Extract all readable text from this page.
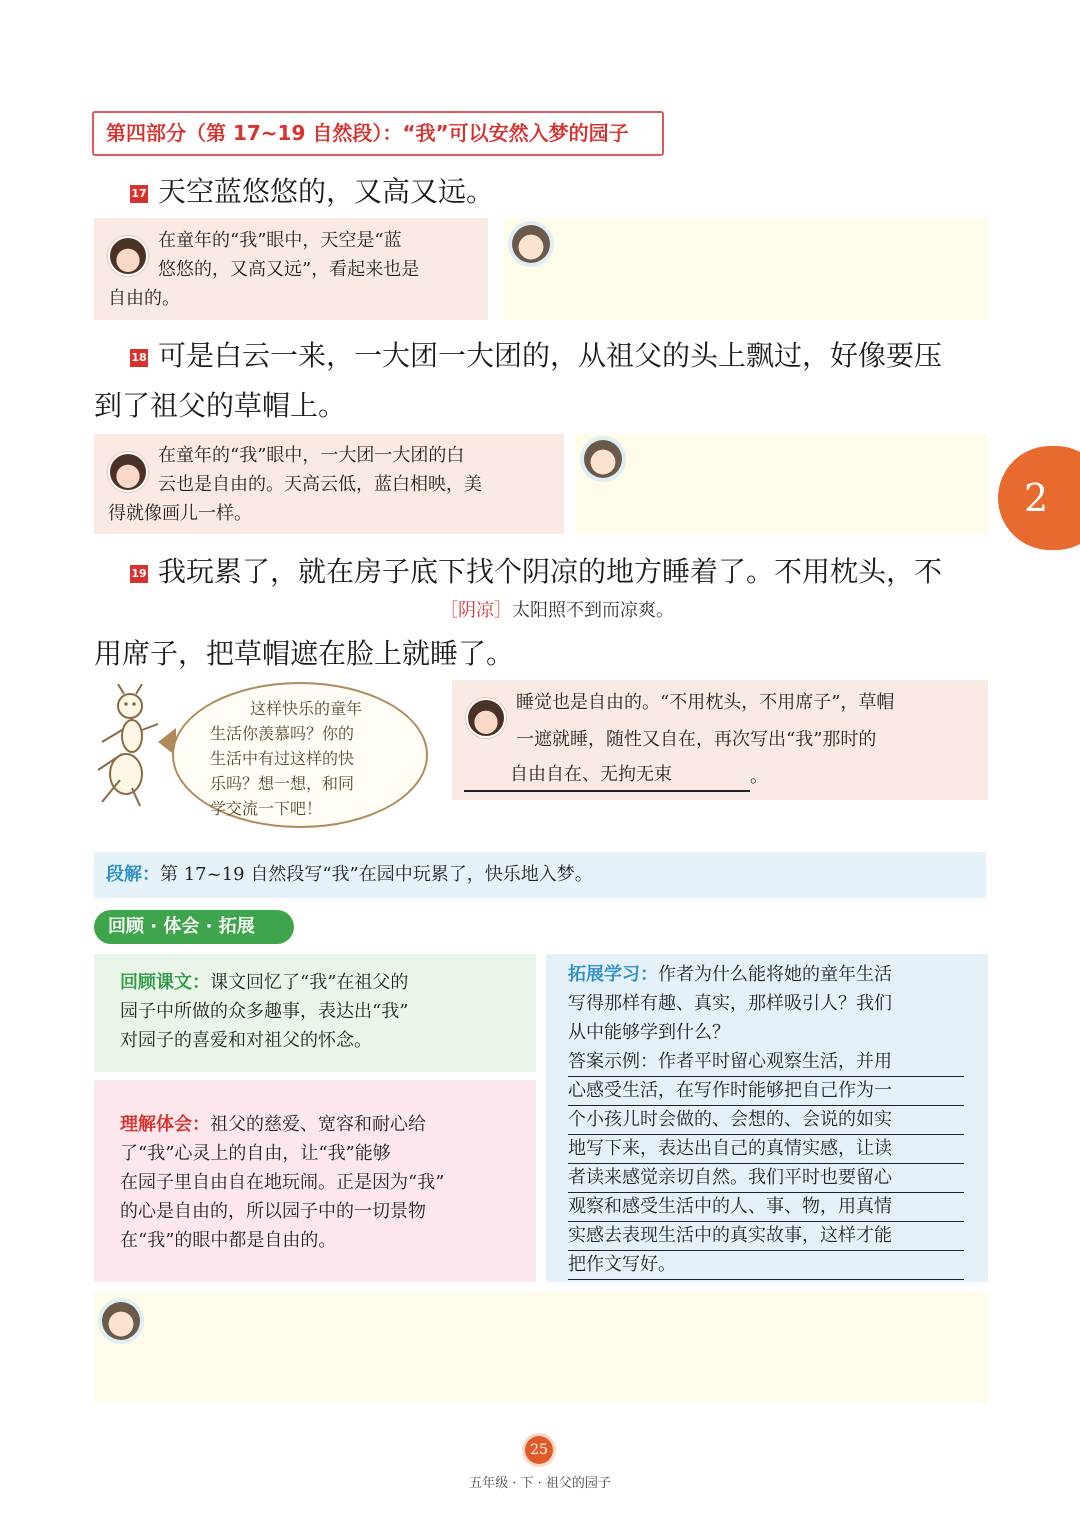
第四部分（第 17~19 自然段）：“我”可以安然入梦的园子
17 天空蓝悠悠的，又高又远。
在童年的“我”眼中，天空是“蓝
悠悠的，又高又远”，看起来也是
自由的。
18 可是白云一来，一大团一大团的，从祖父的头上飘过，好像要压
到了祖父的草帽上。
在童年的“我”眼中，一大团一大团的白
云也是自由的。天高云低，蓝白相映，美
得就像画儿一样。	2
19 我玩累了，就在房子底下找个阴凉的地方睡着了。不用枕头，不
［阴凉］太阳照不到而凉爽。
用席子，把草帽遮在脸上就睡了。
这样快乐的童年
生活你羡慕吗？你的
生活中有过这样的快
乐吗？想一想，和同
学交流一下吧！
睡觉也是自由的。“不用枕头，不用席子”，草帽
一遮就睡，随性又自在，再次写出“我”那时的
自由自在、无拘无束	。
段解：第 17~19 自然段写“我”在园中玩累了，快乐地入梦。
回顾 · 体会 · 拓展
回顾课文：课文回忆了“我”在祖父的
园子中所做的众多趣事，表达出“我”
对园子的喜爱和对祖父的怀念。
理解体会：祖父的慈爱、宽容和耐心给
了“我”心灵上的自由，让“我”能够
在园子里自由自在地玩闹。正是因为“我”
的心是自由的，所以园子中的一切景物
在“我”的眼中都是自由的。
拓展学习：作者为什么能将她的童年生活
写得那样有趣、真实，那样吸引人？我们
从中能够学到什么？
答案示例：作者平时留心观察生活，并用
心感受生活，在写作时能够把自己作为一
个小孩儿时会做的、会想的、会说的如实
地写下来，表达出自己的真情实感，让读
者读来感觉亲切自然。我们平时也要留心
观察和感受生活中的人、事、物，用真情
实感去表现生活中的真实故事，这样才能
把作文写好。
25
五年级 · 下 · 祖父的园子
